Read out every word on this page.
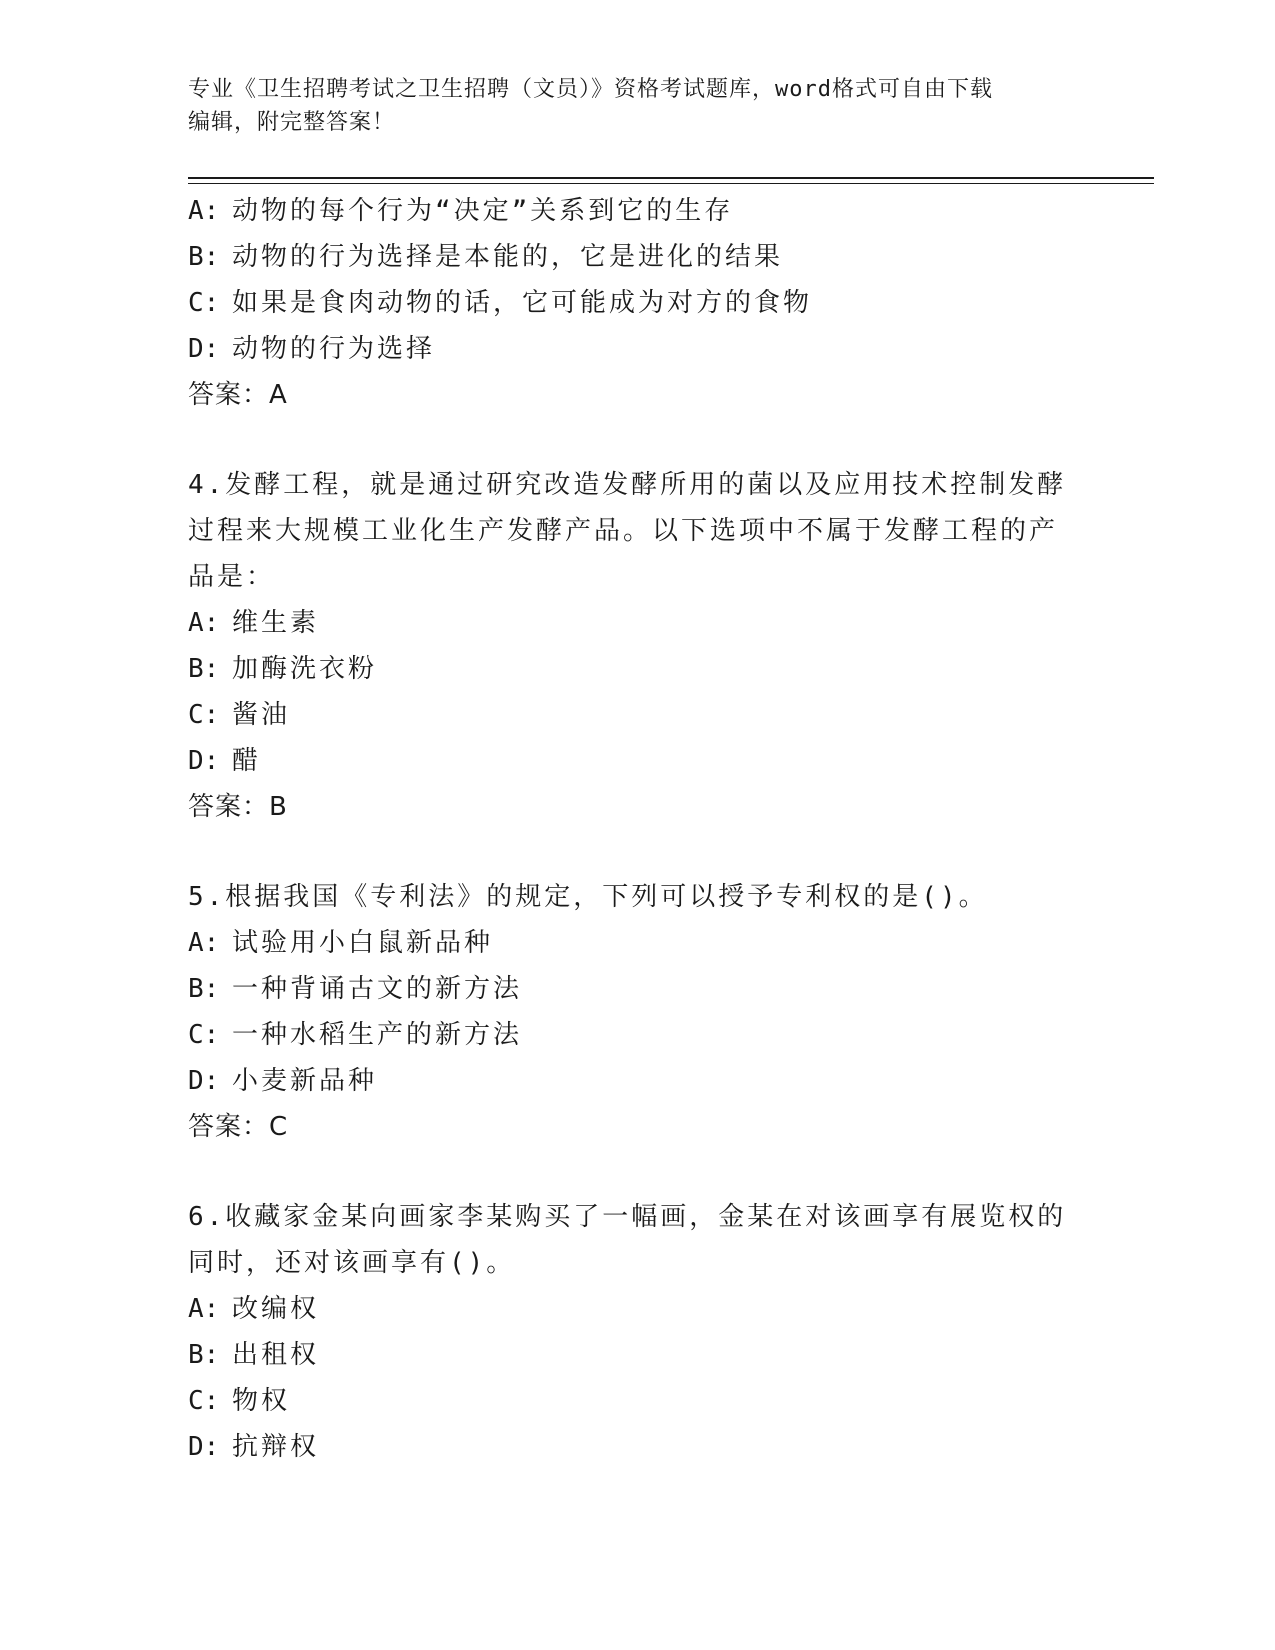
专业《卫生招聘考试之卫生招聘（文员）》资格考试题库，word格式可自由下载
编辑，附完整答案！
A: 动物的每个行为“决定”关系到它的生存
B: 动物的行为选择是本能的，它是进化的结果
C: 如果是食肉动物的话，它可能成为对方的食物
D: 动物的行为选择
答案：A
4.发酵工程，就是通过研究改造发酵所用的菌以及应用技术控制发酵
过程来大规模工业化生产发酵产品。以下选项中不属于发酵工程的产
品是：
A: 维生素
B: 加酶洗衣粉
C: 酱油
D: 醋
答案：B
5.根据我国《专利法》的规定，下列可以授予专利权的是()。
A: 试验用小白鼠新品种
B: 一种背诵古文的新方法
C: 一种水稻生产的新方法
D: 小麦新品种
答案：C
6.收藏家金某向画家李某购买了一幅画，金某在对该画享有展览权的
同时，还对该画享有()。
A: 改编权
B: 出租权
C: 物权
D: 抗辩权
